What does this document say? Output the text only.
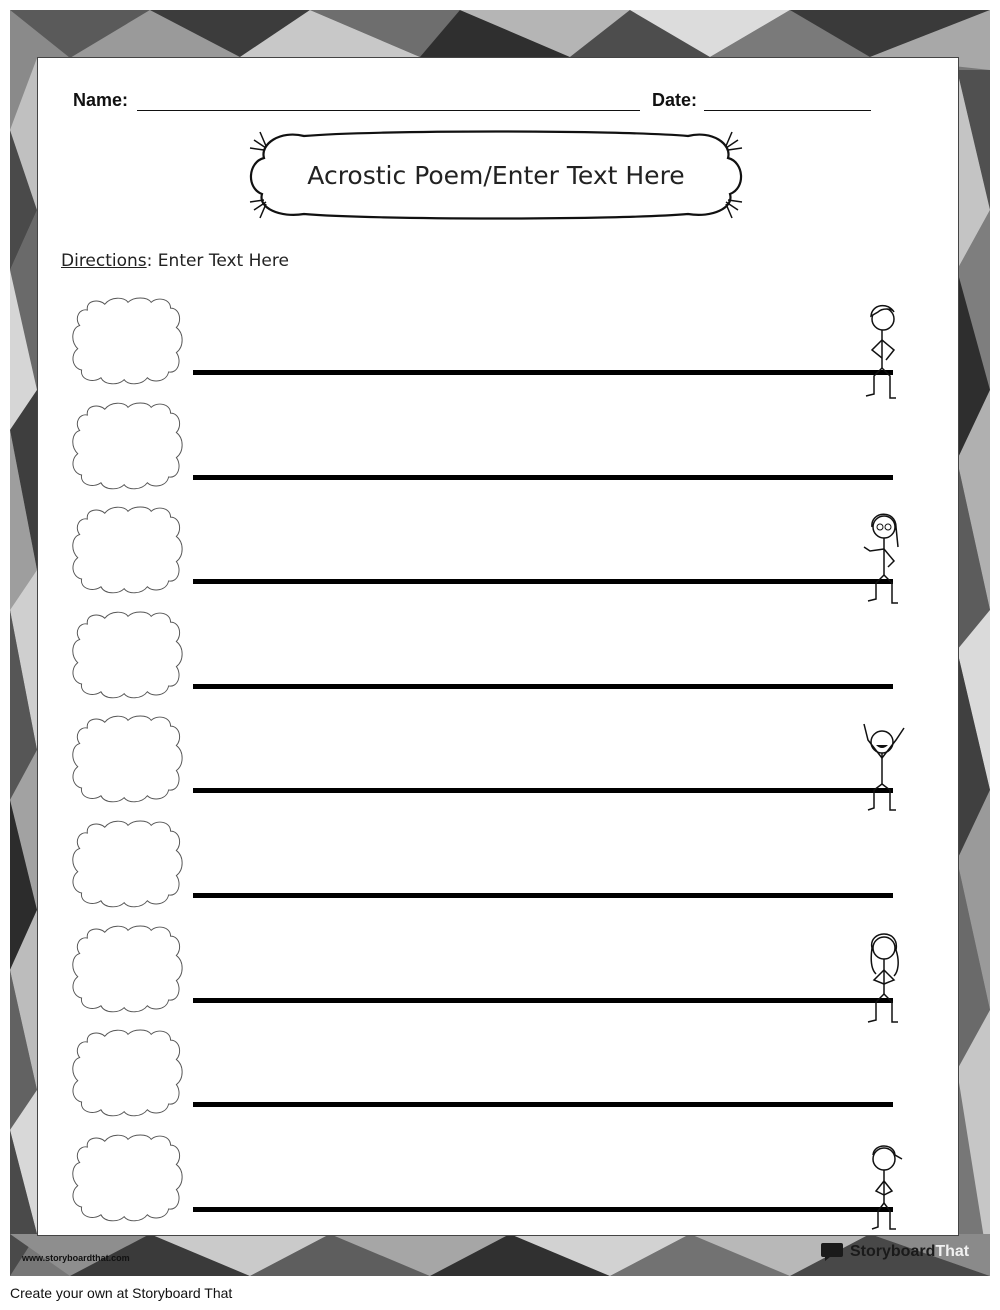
Name:	Date:
Acrostic Poem/Enter Text Here
Directions: Enter Text Here
www.storyboardthat.com	Storyboard That
Create your own at Storyboard That
